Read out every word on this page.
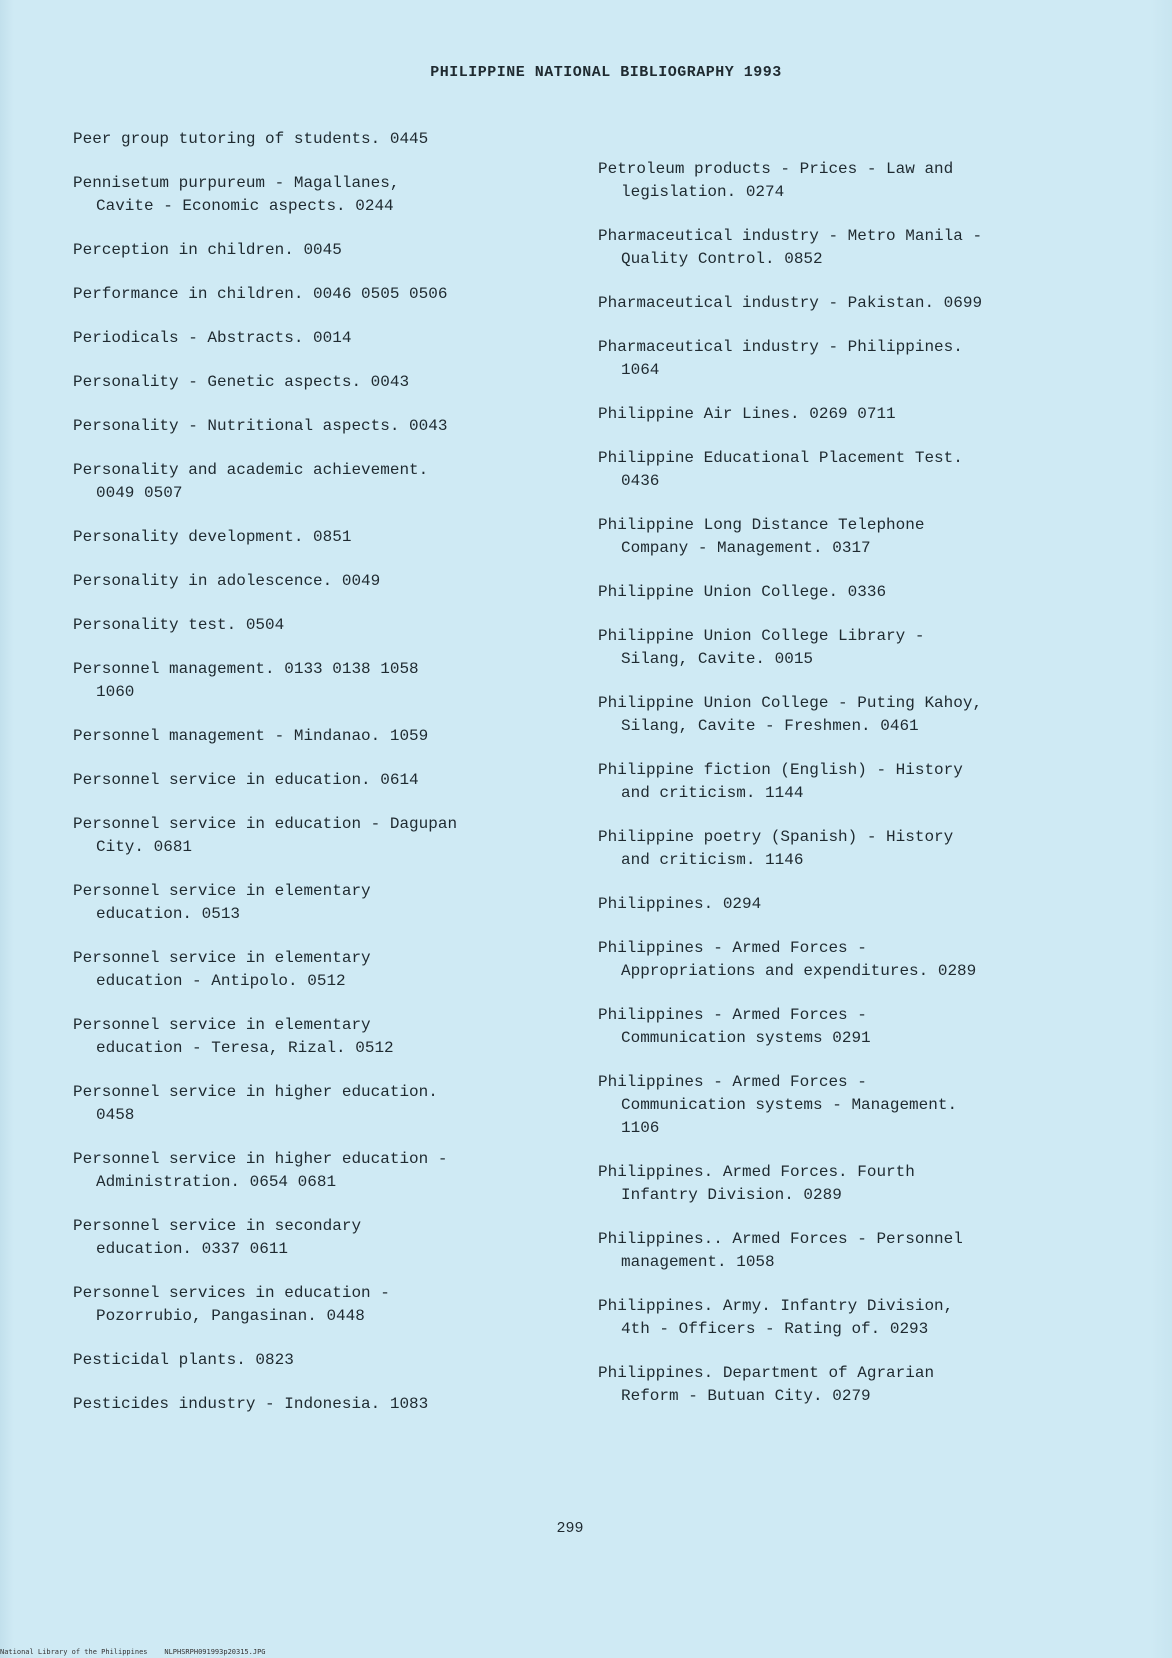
PHILIPPINE NATIONAL BIBLIOGRAPHY 1993
Peer group tutoring of students. 0445
Pennisetum purpureum - Magallanes,
Cavite - Economic aspects. 0244
Perception in children. 0045
Performance in children. 0046 0505 0506
Periodicals - Abstracts. 0014
Personality - Genetic aspects. 0043
Personality - Nutritional aspects. 0043
Personality and academic achievement.
0049 0507
Personality development. 0851
Personality in adolescence. 0049
Personality test. 0504
Personnel management. 0133 0138 1058
1060
Personnel management - Mindanao. 1059
Personnel service in education. 0614
Personnel service in education - Dagupan
City. 0681
Personnel service in elementary
education. 0513
Personnel service in elementary
education - Antipolo. 0512
Personnel service in elementary
education - Teresa, Rizal. 0512
Personnel service in higher education.
0458
Personnel service in higher education -
Administration. 0654 0681
Personnel service in secondary
education. 0337 0611
Personnel services in education -
Pozorrubio, Pangasinan. 0448
Pesticidal plants. 0823
Pesticides industry - Indonesia. 1083
Petroleum products - Prices - Law and
legislation. 0274
Pharmaceutical industry - Metro Manila -
Quality Control. 0852
Pharmaceutical industry - Pakistan. 0699
Pharmaceutical industry - Philippines.
1064
Philippine Air Lines. 0269 0711
Philippine Educational Placement Test.
0436
Philippine Long Distance Telephone
Company - Management. 0317
Philippine Union College. 0336
Philippine Union College Library -
Silang, Cavite. 0015
Philippine Union College - Puting Kahoy,
Silang, Cavite - Freshmen. 0461
Philippine fiction (English) - History
and criticism. 1144
Philippine poetry (Spanish) - History
and criticism. 1146
Philippines. 0294
Philippines - Armed Forces -
Appropriations and expenditures. 0289
Philippines - Armed Forces -
Communication systems 0291
Philippines - Armed Forces -
Communication systems - Management.
1106
Philippines. Armed Forces. Fourth
Infantry Division. 0289
Philippines.. Armed Forces - Personnel
management. 1058
Philippines. Army. Infantry Division,
4th - Officers - Rating of. 0293
Philippines. Department of Agrarian
Reform - Butuan City. 0279
299
National Library of the Philippines    NLPHSRPH091993p20315.JPG
